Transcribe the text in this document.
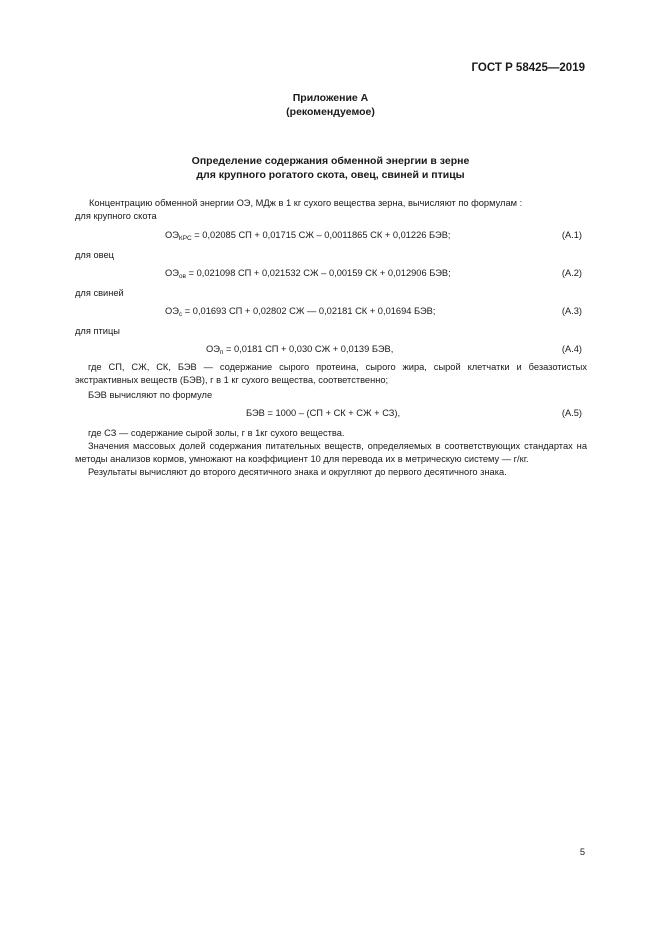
ГОСТ Р 58425—2019
Приложение А
(рекомендуемое)
Определение содержания обменной энергии в зерне
для крупного рогатого скота, овец, свиней и птицы
Концентрацию обменной энергии ОЭ, МДж в 1 кг сухого вещества зерна, вычисляют по формулам :
для крупного скота
$ОЭ_{КРС} = 0,02085$ СП + 0,01715 СЖ – 0,0011865 СК + 0,01226 БЭВ;	(А.1)
для овец
$ОЭ_{ов} = 0,021098$ СП + 0,021532 СЖ – 0,00159 СК + 0,012906 БЭВ;	(А.2)
для свиней
$ОЭ_с = 0,01693$ СП + 0,02802 СЖ — 0,02181 СК + 0,01694 БЭВ;	(А.3)
для птицы
$ОЭ_п = 0,0181$ СП + 0,030 СЖ + 0,0139 БЭВ,	(А.4)
где СП, СЖ, СК, БЭВ — содержание сырого протеина, сырого жира, сырой клетчатки и безазотистых экстрактивных веществ (БЭВ), г в 1 кг сухого вещества, соответственно;
БЭВ вычисляют по формуле
БЭВ = 1000 – (СП + СК + СЖ + СЗ),	(А.5)
где СЗ — содержание сырой золы, г в 1кг сухого вещества.
Значения массовых долей содержания питательных веществ, определяемых в соответствующих стандартах на методы анализов кормов, умножают на коэффициент 10 для перевода их в метрическую систему — г/кг.
Результаты вычисляют до второго десятичного знака и округляют до первого десятичного знака.
5
